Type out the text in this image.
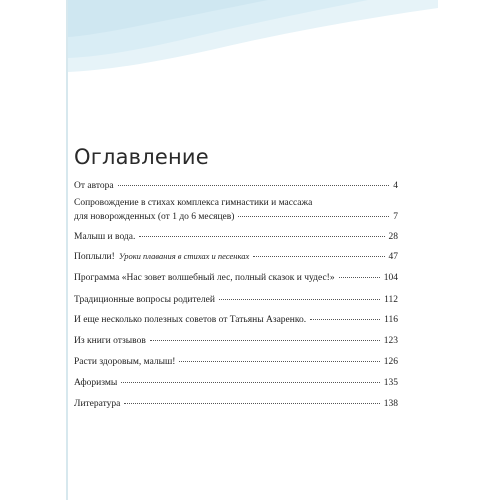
Оглавление
От автора	4
Сопровождение в стихах комплекса гимнастики и массажа
для новорожденных (от 1 до 6 месяцев)	7
Малыш и вода.	28
Поплыли! Уроки плавания в стихах и песенках	47
Программа «Нас зовет волшебный лес, полный сказок и чудес!»	104
Традиционные вопросы родителей	112
И еще несколько полезных советов от Татьяны Азаренко.	116
Из книги отзывов	123
Расти здоровым, малыш!	126
Афоризмы	135
Литература	138
